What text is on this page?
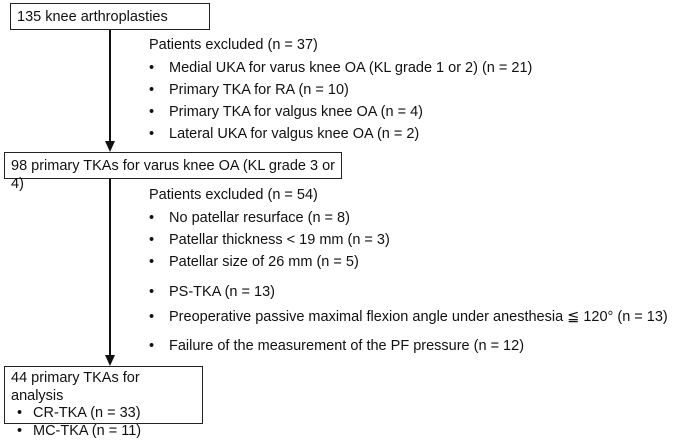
135 knee arthroplasties
Patients excluded (n = 37)
• Medial UKA for varus knee OA (KL grade 1 or 2) (n = 21)
• Primary TKA for RA (n = 10)
• Primary TKA for valgus knee OA (n = 4)
• Lateral UKA for valgus knee OA (n = 2)
98 primary TKAs for varus knee OA (KL grade 3 or 4)
Patients excluded (n = 54)
• No patellar resurface (n = 8)
• Patellar thickness < 19 mm (n = 3)
• Patellar size of 26 mm (n = 5)
• PS-TKA (n = 13)
• Preoperative passive maximal flexion angle under anesthesia ≦ 120° (n = 13)
• Failure of the measurement of the PF pressure (n = 12)
44 primary TKAs for analysis
• CR-TKA (n = 33)
• MC-TKA (n = 11)
